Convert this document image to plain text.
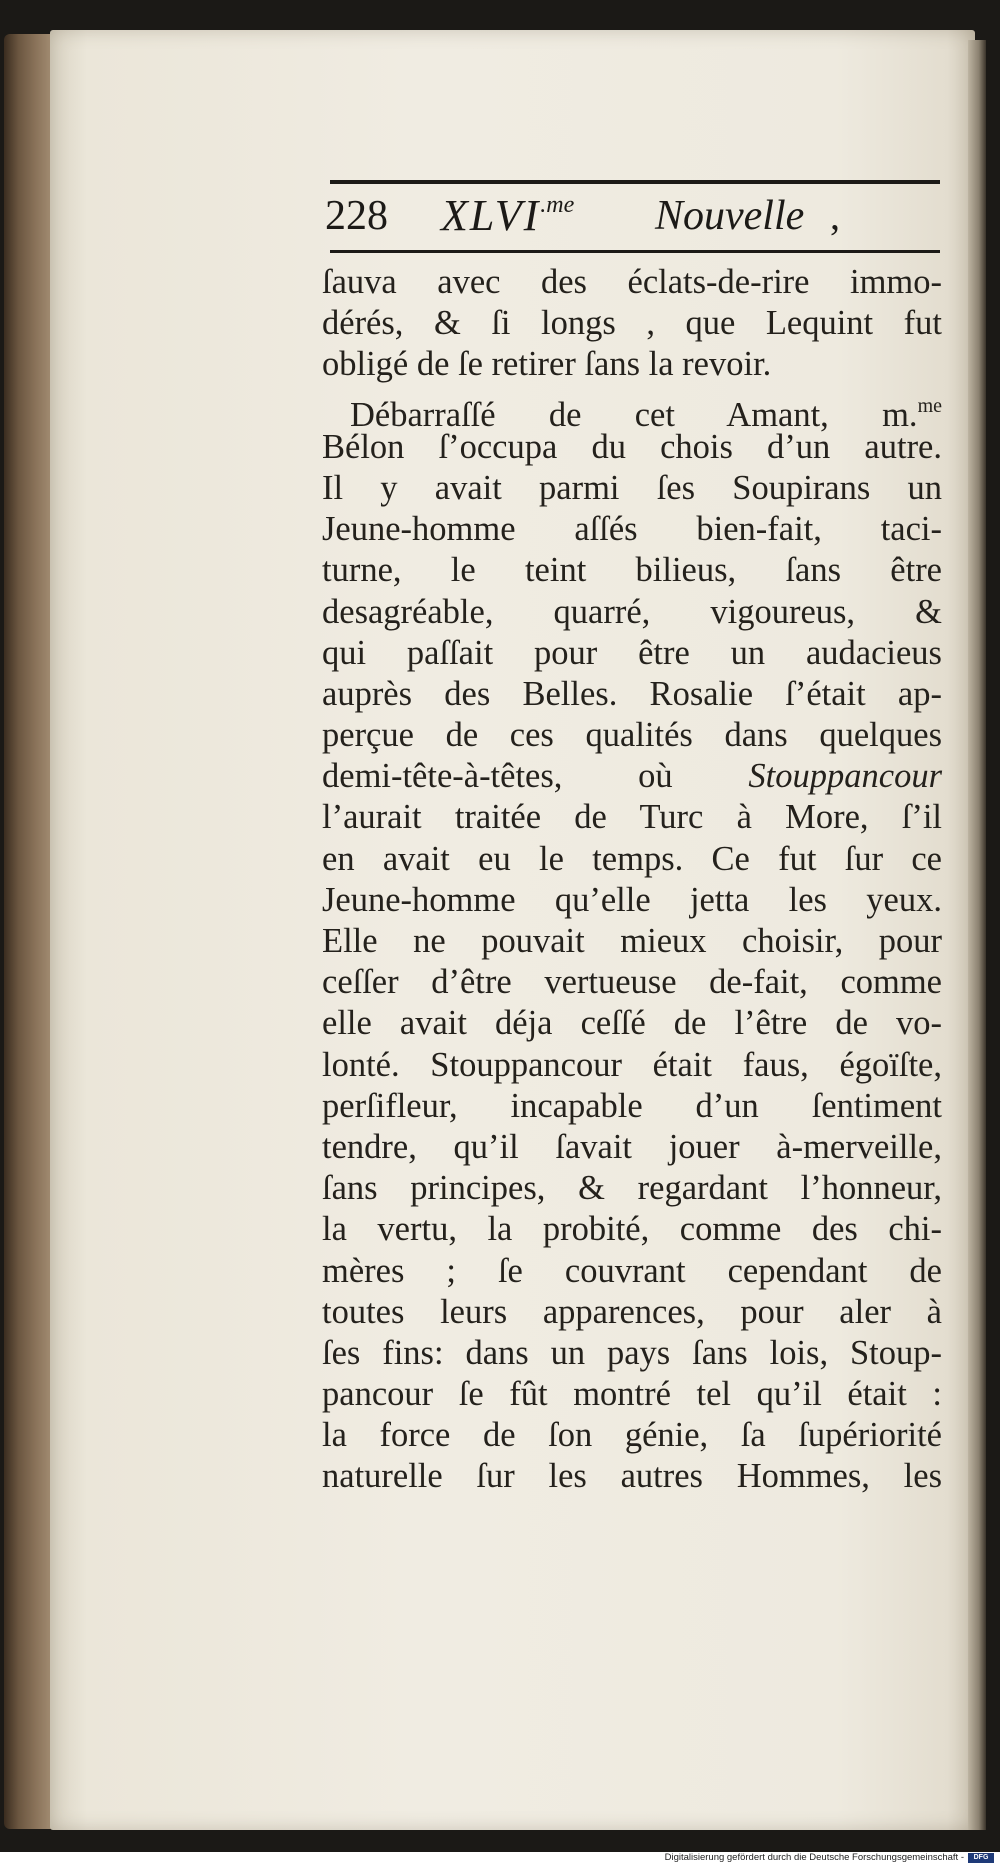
228 $XLVI^{.me}$ Nouvelle ,
ſauva avec des éclats-de-rire immo-
dérés, & ſi longs , que Lequint fut
obligé de ſe retirer ſans la revoir.
Débarraſſé de cet Amant, m.$^{me}$
Bélon ſ’occupa du chois d’un autre.
Il y avait parmi ſes Soupirans un
Jeune-homme aſſés bien-fait, taci-
turne, le teint bilieus, ſans être
desagréable, quarré, vigoureus, &
qui paſſait pour être un audacieus
auprès des Belles. Rosalie ſ’était ap-
perçue de ces qualités dans quelques
demi-tête-à-têtes, où Stouppancour
l’aurait traitée de Turc à More, ſ’il
en avait eu le temps. Ce fut ſur ce
Jeune-homme qu’elle jetta les yeux.
Elle ne pouvait mieux choisir, pour
ceſſer d’être vertueuse de-fait, comme
elle avait déja ceſſé de l’être de vo-
lonté. Stouppancour était faus, égoïſte,
perſifleur, incapable d’un ſentiment
tendre, qu’il ſavait jouer à-merveille,
ſans principes, & regardant l’honneur,
la vertu, la probité, comme des chi-
mères ; ſe couvrant cependant de
toutes leurs apparences, pour aler à
ſes fins: dans un pays ſans lois, Stoup-
pancour ſe fût montré tel qu’il était :
la force de ſon génie, ſa ſupériorité
naturelle ſur les autres Hommes, les
Digitalisierung gefördert durch die Deutsche Forschungsgemeinschaft -	DFG
